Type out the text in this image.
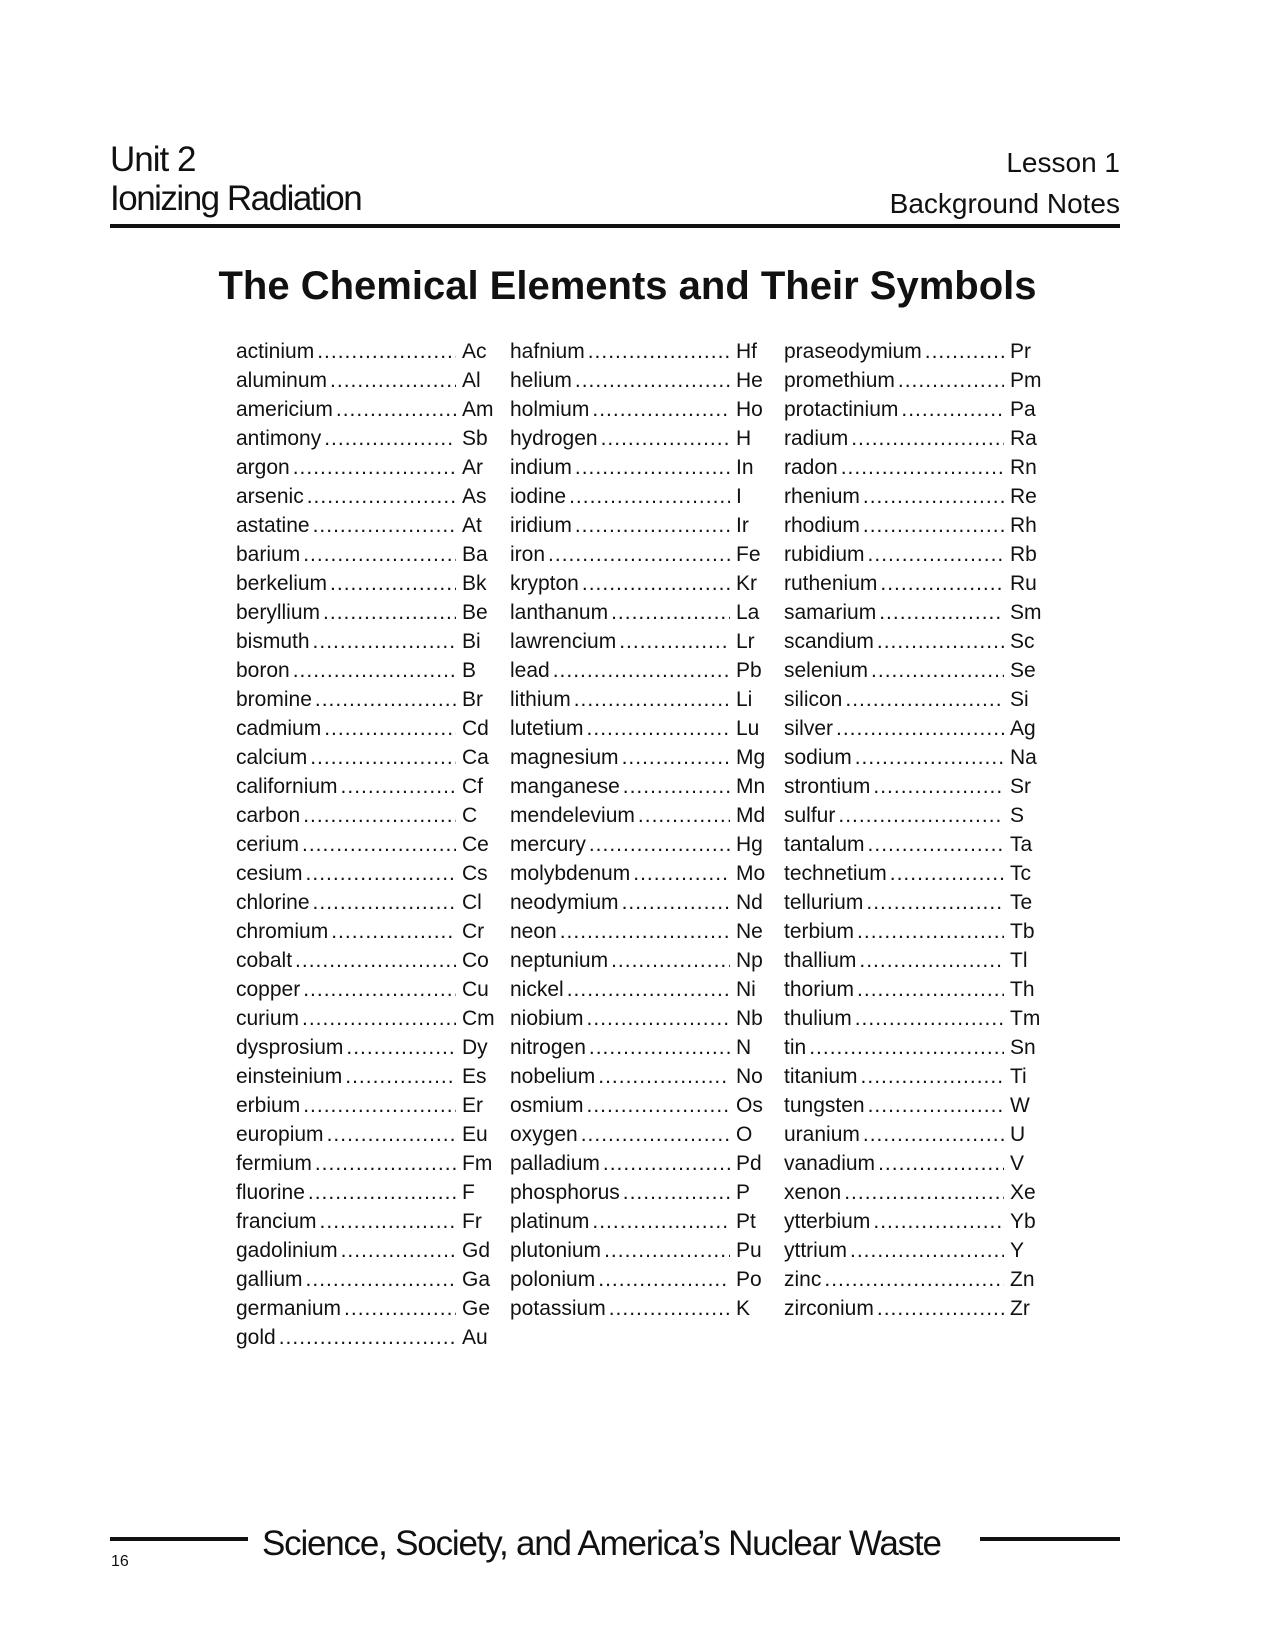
Unit 2
Ionizing Radiation
Lesson 1
Background Notes
The Chemical Elements and Their Symbols
actinium .....	Ac
aluminum .....	Al
americium .....	Am
antimony .....	Sb
argon .....	Ar
arsenic .....	As
astatine .....	At
barium .....	Ba
berkelium .....	Bk
beryllium .....	Be
bismuth .....	Bi
boron .....	B
bromine .....	Br
cadmium .....	Cd
calcium .....	Ca
californium .....	Cf
carbon .....	C
cerium .....	Ce
cesium .....	Cs
chlorine .....	Cl
chromium .....	Cr
cobalt .....	Co
copper .....	Cu
curium .....	Cm
dysprosium .....	Dy
einsteinium .....	Es
erbium .....	Er
europium .....	Eu
fermium .....	Fm
fluorine .....	F
francium .....	Fr
gadolinium .....	Gd
gallium .....	Ga
germanium .....	Ge
gold .....	Au
hafnium .....	Hf
helium .....	He
holmium .....	Ho
hydrogen .....	H
indium .....	In
iodine .....	I
iridium .....	Ir
iron .....	Fe
krypton .....	Kr
lanthanum .....	La
lawrencium .....	Lr
lead .....	Pb
lithium .....	Li
lutetium .....	Lu
magnesium .....	Mg
manganese .....	Mn
mendelevium .....	Md
mercury .....	Hg
molybdenum .....	Mo
neodymium .....	Nd
neon .....	Ne
neptunium .....	Np
nickel .....	Ni
niobium .....	Nb
nitrogen .....	N
nobelium .....	No
osmium .....	Os
oxygen .....	O
palladium .....	Pd
phosphorus .....	P
platinum .....	Pt
plutonium .....	Pu
polonium .....	Po
potassium .....	K
praseodymium .....	Pr
promethium .....	Pm
protactinium .....	Pa
radium .....	Ra
radon .....	Rn
rhenium .....	Re
rhodium .....	Rh
rubidium .....	Rb
ruthenium .....	Ru
samarium .....	Sm
scandium .....	Sc
selenium .....	Se
silicon .....	Si
silver .....	Ag
sodium .....	Na
strontium .....	Sr
sulfur .....	S
tantalum .....	Ta
technetium .....	Tc
tellurium .....	Te
terbium .....	Tb
thallium .....	Tl
thorium .....	Th
thulium .....	Tm
tin .....	Sn
titanium .....	Ti
tungsten .....	W
uranium .....	U
vanadium .....	V
xenon .....	Xe
ytterbium .....	Yb
yttrium .....	Y
zinc .....	Zn
zirconium .....	Zr
16	Science, Society, and America’s Nuclear Waste
